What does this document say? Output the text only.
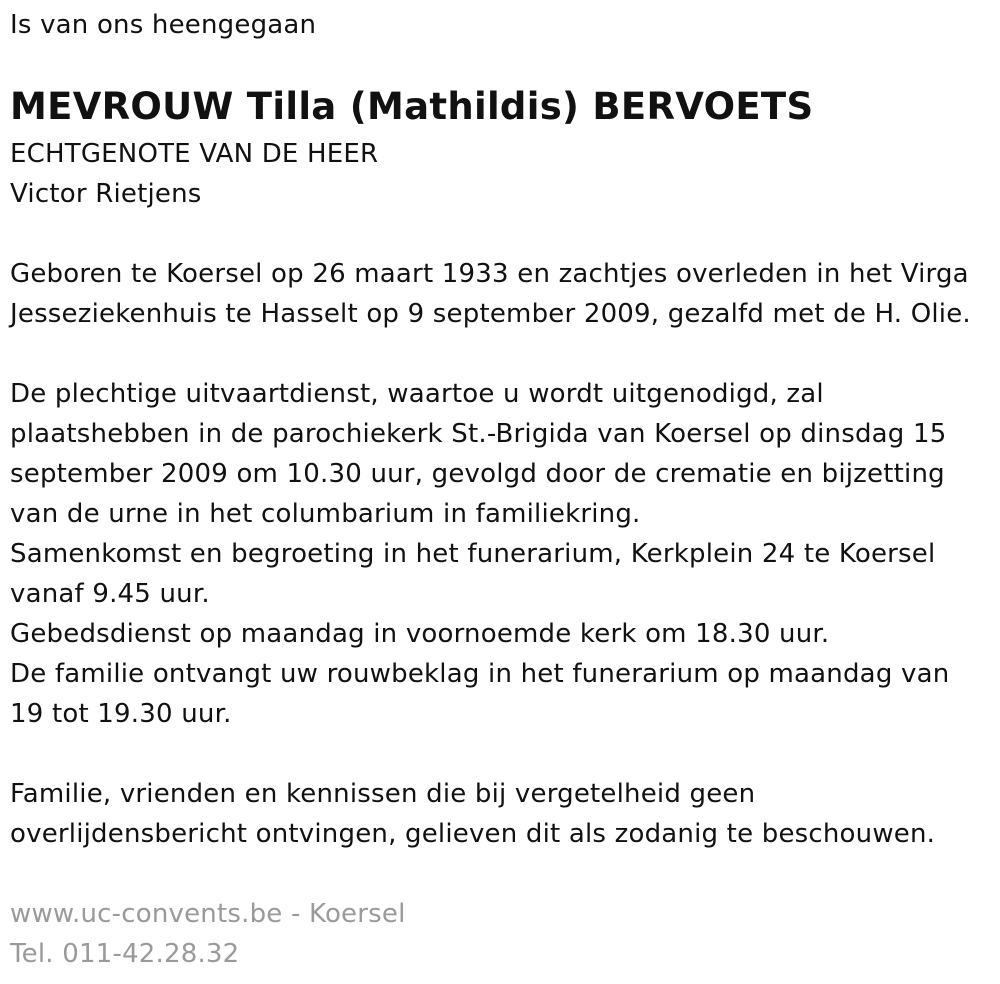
Is van ons heengegaan
MEVROUW Tilla (Mathildis) BERVOETS
ECHTGENOTE VAN DE HEER
Victor Rietjens
Geboren te Koersel op 26 maart 1933 en zachtjes overleden in het Virga
Jesseziekenhuis te Hasselt op 9 september 2009, gezalfd met de H. Olie.
De plechtige uitvaartdienst, waartoe u wordt uitgenodigd, zal
plaatshebben in de parochiekerk St.-Brigida van Koersel op dinsdag 15
september 2009 om 10.30 uur, gevolgd door de crematie en bijzetting
van de urne in het columbarium in familiekring.
Samenkomst en begroeting in het funerarium, Kerkplein 24 te Koersel
vanaf 9.45 uur.
Gebedsdienst op maandag in voornoemde kerk om 18.30 uur.
De familie ontvangt uw rouwbeklag in het funerarium op maandag van
19 tot 19.30 uur.
Familie, vrienden en kennissen die bij vergetelheid geen
overlijdensbericht ontvingen, gelieven dit als zodanig te beschouwen.
www.uc-convents.be - Koersel
Tel. 011-42.28.32
